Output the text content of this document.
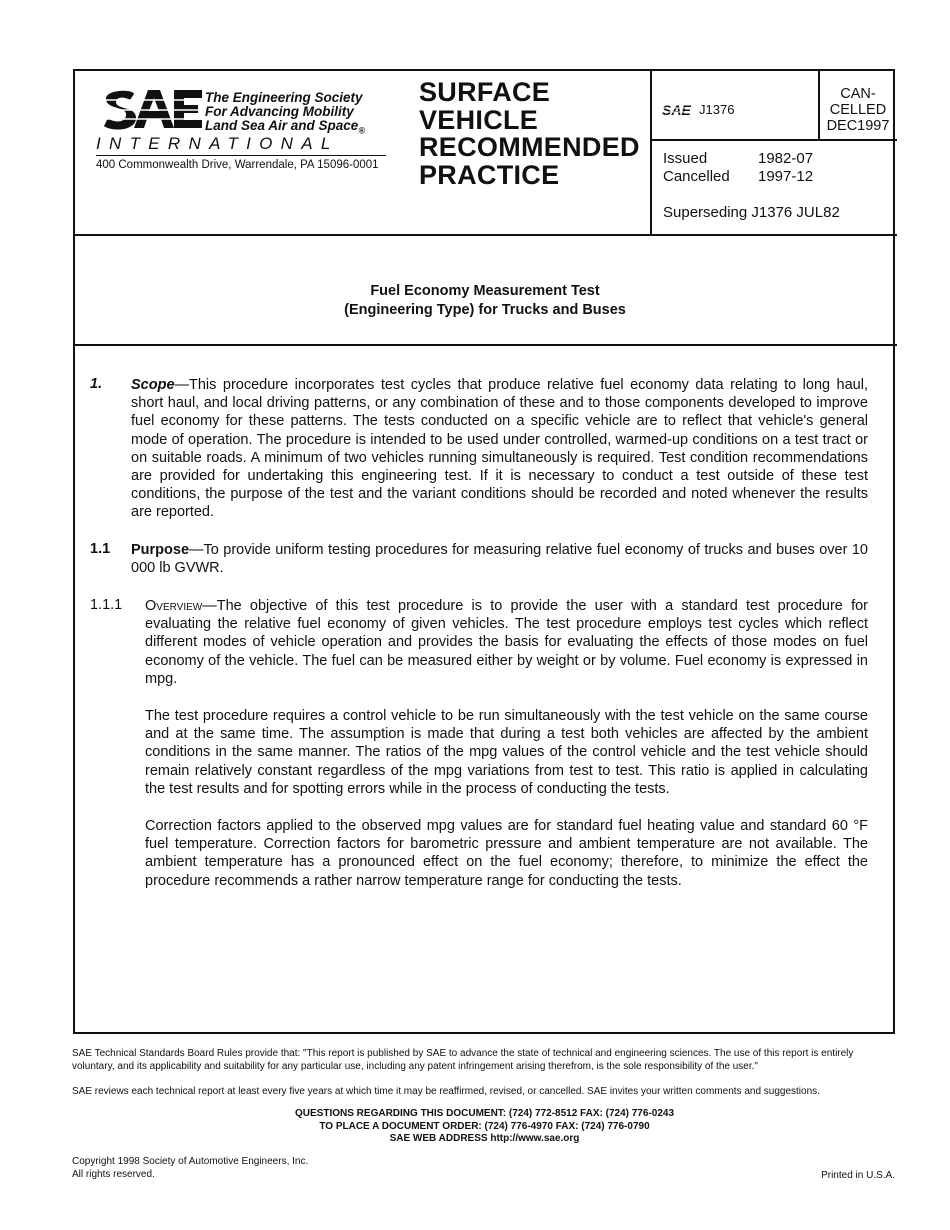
The Engineering Society
For Advancing Mobility
Land Sea Air and Space$_®$
INTERNATIONAL
400 Commonwealth Drive, Warrendale, PA 15096-0001
SURFACE
VEHICLE
RECOMMENDED
PRACTICE
SAE J1376
CAN-
CELLED
DEC1997
Issued	1982-07
Cancelled 1997-12
Superseding J1376 JUL82
Fuel Economy Measurement Test
(Engineering Type) for Trucks and Buses
1. Scope—This procedure incorporates test cycles that produce relative fuel economy data relating to long haul, short haul, and local driving patterns, or any combination of these and to those components developed to improve fuel economy for these patterns. The tests conducted on a specific vehicle are to reflect that vehicle's general mode of operation. The procedure is intended to be used under controlled, warmed-up conditions on a test tract or on suitable roads. A minimum of two vehicles running simultaneously is required. Test condition recommendations are provided for undertaking this engineering test. If it is necessary to conduct a test outside of these test conditions, the purpose of the test and the variant conditions should be recorded and noted whenever the results are reported.
1.1 Purpose—To provide uniform testing procedures for measuring relative fuel economy of trucks and buses over 10 000 lb GVWR.
1.1.1 Overview—The objective of this test procedure is to provide the user with a standard test procedure for evaluating the relative fuel economy of given vehicles. The test procedure employs test cycles which reflect different modes of vehicle operation and provides the basis for evaluating the effects of those modes on fuel economy of the vehicle. The fuel can be measured either by weight or by volume. Fuel economy is expressed in mpg.
The test procedure requires a control vehicle to be run simultaneously with the test vehicle on the same course and at the same time. The assumption is made that during a test both vehicles are affected by the ambient conditions in the same manner. The ratios of the mpg values of the control vehicle and the test vehicle should remain relatively constant regardless of the mpg variations from test to test. This ratio is applied in calculating the test results and for spotting errors while in the process of conducting the tests.
Correction factors applied to the observed mpg values are for standard fuel heating value and standard 60 °F fuel temperature. Correction factors for barometric pressure and ambient temperature are not available. The ambient temperature has a pronounced effect on the fuel economy; therefore, to minimize the effect the procedure recommends a rather narrow temperature range for conducting the tests.
SAE Technical Standards Board Rules provide that: "This report is published by SAE to advance the state of technical and engineering sciences. The use of this report is entirely voluntary, and its applicability and suitability for any particular use, including any patent infringement arising therefrom, is the sole responsibility of the user."
SAE reviews each technical report at least every five years at which time it may be reaffirmed, revised, or cancelled. SAE invites your written comments and suggestions.
QUESTIONS REGARDING THIS DOCUMENT: (724) 772-8512 FAX: (724) 776-0243
TO PLACE A DOCUMENT ORDER: (724) 776-4970 FAX: (724) 776-0790
SAE WEB ADDRESS http://www.sae.org
Copyright 1998 Society of Automotive Engineers, Inc.
All rights reserved.	Printed in U.S.A.
